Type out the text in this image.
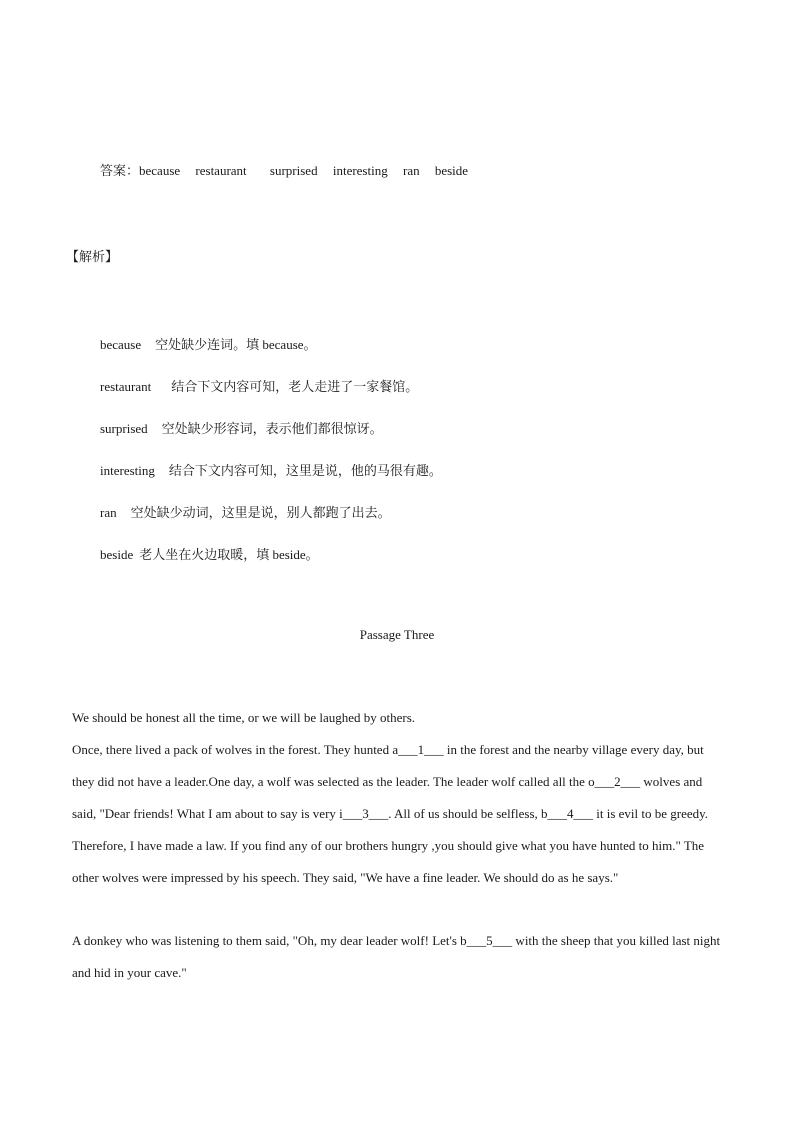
答案：because restaurant surprised interesting ran beside
【解析】
because 空处缺少连词。填 because。
restaurant 结合下文内容可知，老人走进了一家餐馆。
surprised 空处缺少形容词，表示他们都很惊讶。
interesting 结合下文内容可知，这里是说，他的马很有趣。
ran 空处缺少动词，这里是说，别人都跑了出去。
beside 老人坐在火边取暖，填 beside。
Passage Three
We should be honest all the time, or we will be laughed by others.
Once, there lived a pack of wolves in the forest. They hunted a___1___ in the forest and the nearby village every day, but they did not have a leader.One day, a wolf was selected as the leader. The leader wolf called all the o___2___ wolves and said, "Dear friends! What I am about to say is very i___3___. All of us should be selfless, b___4___ it is evil to be greedy. Therefore, I have made a law. If you find any of our brothers hungry ,you should give what you have hunted to him." The other wolves were impressed by his speech. They said, "We have a fine leader. We should do as he says."
A donkey who was listening to them said, "Oh, my dear leader wolf! Let's b___5___ with the sheep that you killed last night and hid in your cave."
